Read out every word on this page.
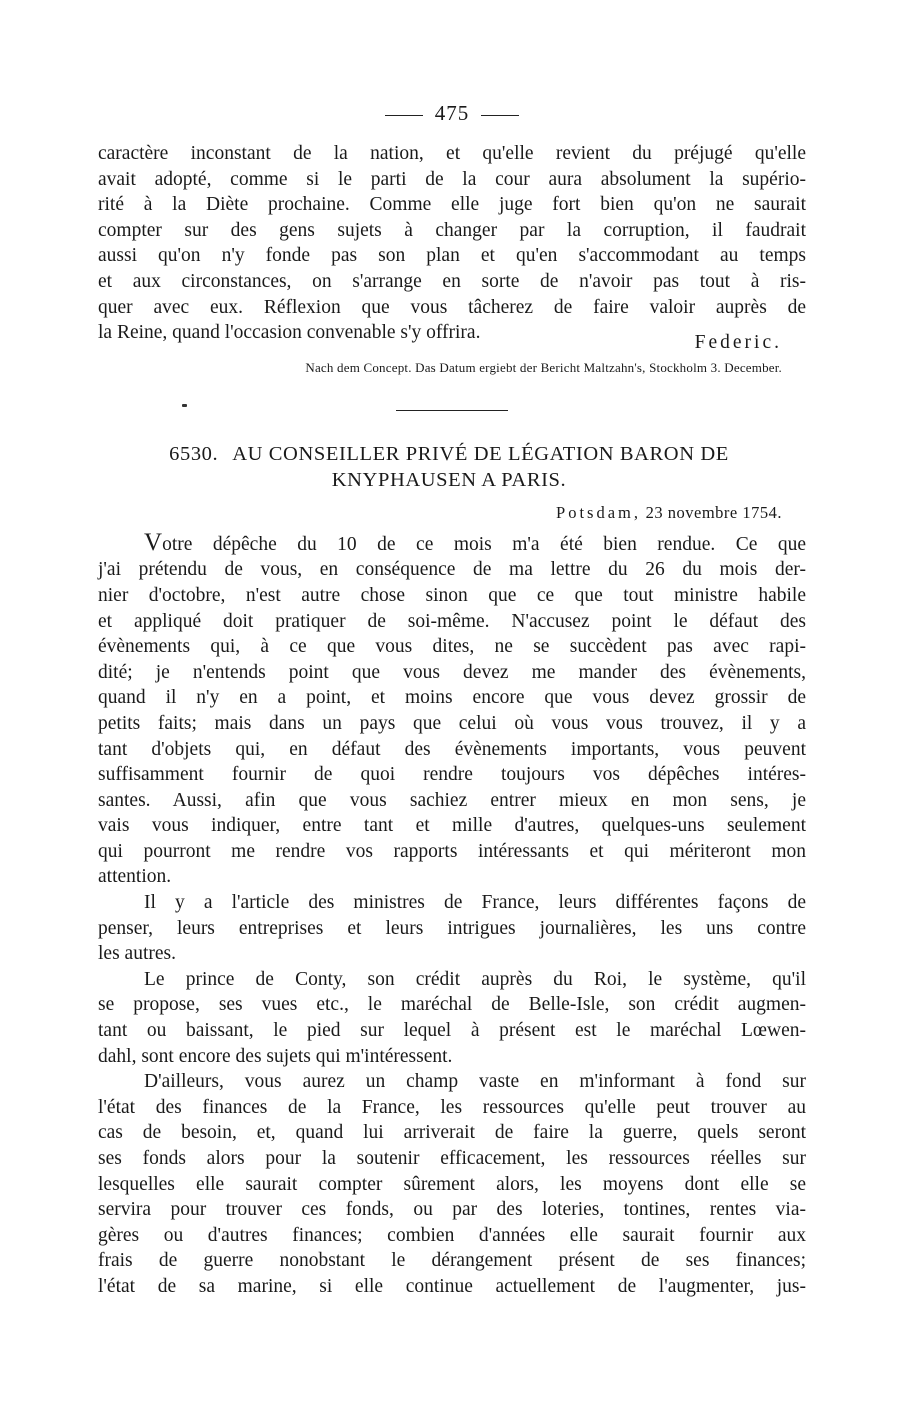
475
caractère inconstant de la nation, et qu'elle revient du préjugé qu'elle
avait adopté, comme si le parti de la cour aura absolument la supério-
rité à la Diète prochaine. Comme elle juge fort bien qu'on ne saurait
compter sur des gens sujets à changer par la corruption, il faudrait
aussi qu'on n'y fonde pas son plan et qu'en s'accommodant au temps
et aux circonstances, on s'arrange en sorte de n'avoir pas tout à ris-
quer avec eux. Réflexion que vous tâcherez de faire valoir auprès de
la Reine, quand l'occasion convenable s'y offrira.	Federic.
Nach dem Concept. Das Datum ergiebt der Bericht Maltzahn's, Stockholm 3. December.
6530. AU CONSEILLER PRIVÉ DE LÉGATION BARON DE
KNYPHAUSEN A PARIS.
Potsdam, 23 novembre 1754.
Votre dépêche du 10 de ce mois m'a été bien rendue. Ce que
j'ai prétendu de vous, en conséquence de ma lettre du 26 du mois der-
nier d'octobre, n'est autre chose sinon que ce que tout ministre habile
et appliqué doit pratiquer de soi-même. N'accusez point le défaut des
évènements qui, à ce que vous dites, ne se succèdent pas avec rapi-
dité; je n'entends point que vous devez me mander des évènements,
quand il n'y en a point, et moins encore que vous devez grossir de
petits faits; mais dans un pays que celui où vous vous trouvez, il y a
tant d'objets qui, en défaut des évènements importants, vous peuvent
suffisamment fournir de quoi rendre toujours vos dépêches intéres-
santes. Aussi, afin que vous sachiez entrer mieux en mon sens, je
vais vous indiquer, entre tant et mille d'autres, quelques-uns seulement
qui pourront me rendre vos rapports intéressants et qui mériteront mon
attention.
Il y a l'article des ministres de France, leurs différentes façons de
penser, leurs entreprises et leurs intrigues journalières, les uns contre
les autres.
Le prince de Conty, son crédit auprès du Roi, le système, qu'il
se propose, ses vues etc., le maréchal de Belle-Isle, son crédit augmen-
tant ou baissant, le pied sur lequel à présent est le maréchal Lœwen-
dahl, sont encore des sujets qui m'intéressent.
D'ailleurs, vous aurez un champ vaste en m'informant à fond sur
l'état des finances de la France, les ressources qu'elle peut trouver au
cas de besoin, et, quand lui arriverait de faire la guerre, quels seront
ses fonds alors pour la soutenir efficacement, les ressources réelles sur
lesquelles elle saurait compter sûrement alors, les moyens dont elle se
servira pour trouver ces fonds, ou par des loteries, tontines, rentes via-
gères ou d'autres finances; combien d'années elle saurait fournir aux
frais de guerre nonobstant le dérangement présent de ses finances;
l'état de sa marine, si elle continue actuellement de l'augmenter, jus-
